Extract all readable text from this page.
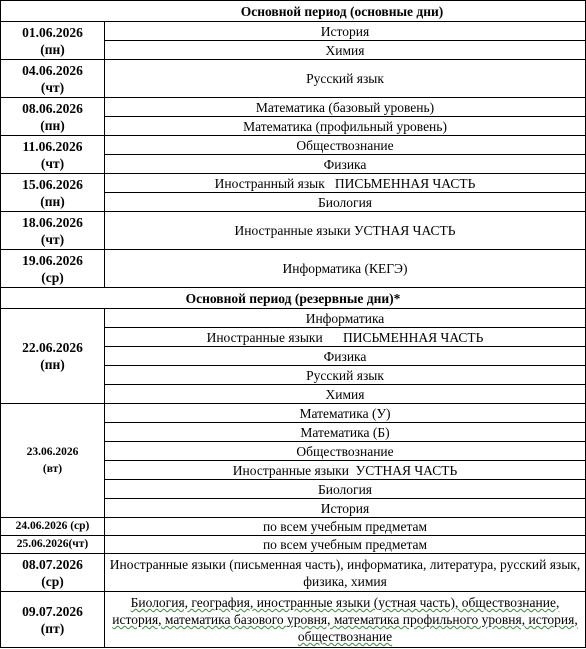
Основной период (основные дни)	

01.06.2026
(пн)	История
	Химия

04.06.2026
(чт)	Русский язык

08.06.2026
(пн)	Математика (базовый уровень)
	Математика (профильный уровень)

11.06.2026
(чт)	Обществознание
	Физика

15.06.2026
(пн)	Иностранный язык   ПИСЬМЕННАЯ ЧАСТЬ
	Биология

18.06.2026
(чт)	Иностранные языки УСТНАЯ ЧАСТЬ

19.06.2026
(ср)	Информатика (КЕГЭ)
Основной период (резервные дни)*	

22.06.2026
(пн)	Информатика
	Иностранные языки      ПИСЬМЕННАЯ ЧАСТЬ
	Физика
	Русский язык
	Химия

23.06.2026
(вт)	Математика (У)
	Математика (Б)
	Обществознание
	Иностранные языки  УСТНАЯ ЧАСТЬ
	Биология
	История
24.06.2026 (ср)	по всем учебным предметам
25.06.2026(чт)	по всем учебным предметам

08.07.2026
(ср)	Иностранные языки (письменная часть), информатика, литература, русский язык, физика, химия

09.07.2026
(пт)	Биология, география, иностранные языки (устная часть), обществознание, история, математика базового уровня, математика профильного уровня, история, обществознание
